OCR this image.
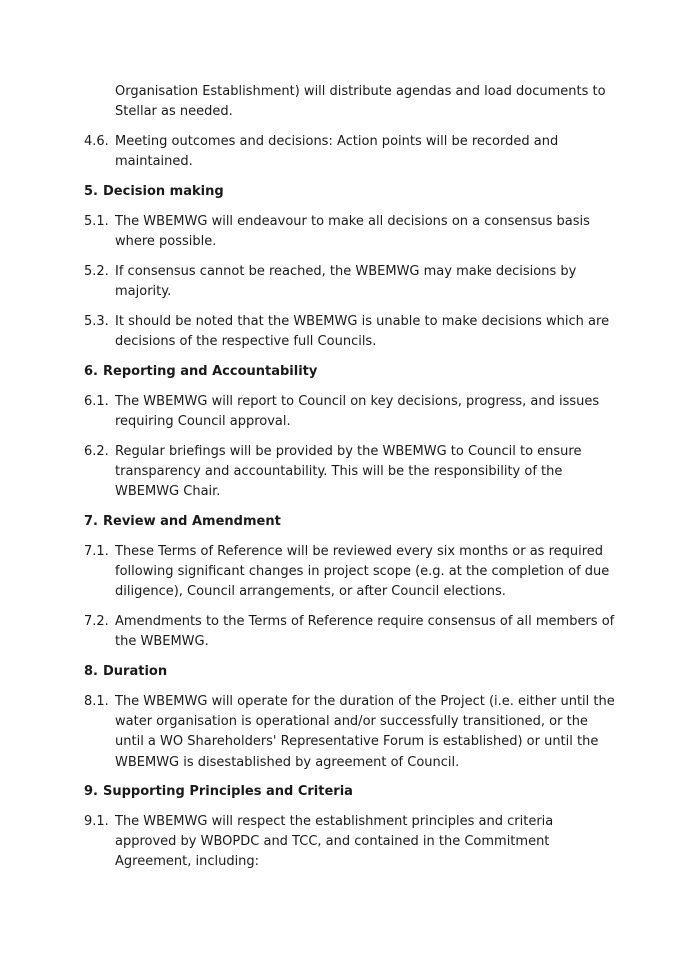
Organisation Establishment) will distribute agendas and load documents to Stellar as needed.
4.6. Meeting outcomes and decisions: Action points will be recorded and maintained.
5. Decision making
5.1. The WBEMWG will endeavour to make all decisions on a consensus basis where possible.
5.2. If consensus cannot be reached, the WBEMWG may make decisions by majority.
5.3. It should be noted that the WBEMWG is unable to make decisions which are decisions of the respective full Councils.
6. Reporting and Accountability
6.1. The WBEMWG will report to Council on key decisions, progress, and issues requiring Council approval.
6.2. Regular briefings will be provided by the WBEMWG to Council to ensure transparency and accountability. This will be the responsibility of the WBEMWG Chair.
7. Review and Amendment
7.1. These Terms of Reference will be reviewed every six months or as required following significant changes in project scope (e.g. at the completion of due diligence), Council arrangements, or after Council elections.
7.2. Amendments to the Terms of Reference require consensus of all members of the WBEMWG.
8. Duration
8.1. The WBEMWG will operate for the duration of the Project (i.e. either until the water organisation is operational and/or successfully transitioned, or the until a WO Shareholders' Representative Forum is established) or until the WBEMWG is disestablished by agreement of Council.
9. Supporting Principles and Criteria
9.1. The WBEMWG will respect the establishment principles and criteria approved by WBOPDC and TCC, and contained in the Commitment Agreement, including:
